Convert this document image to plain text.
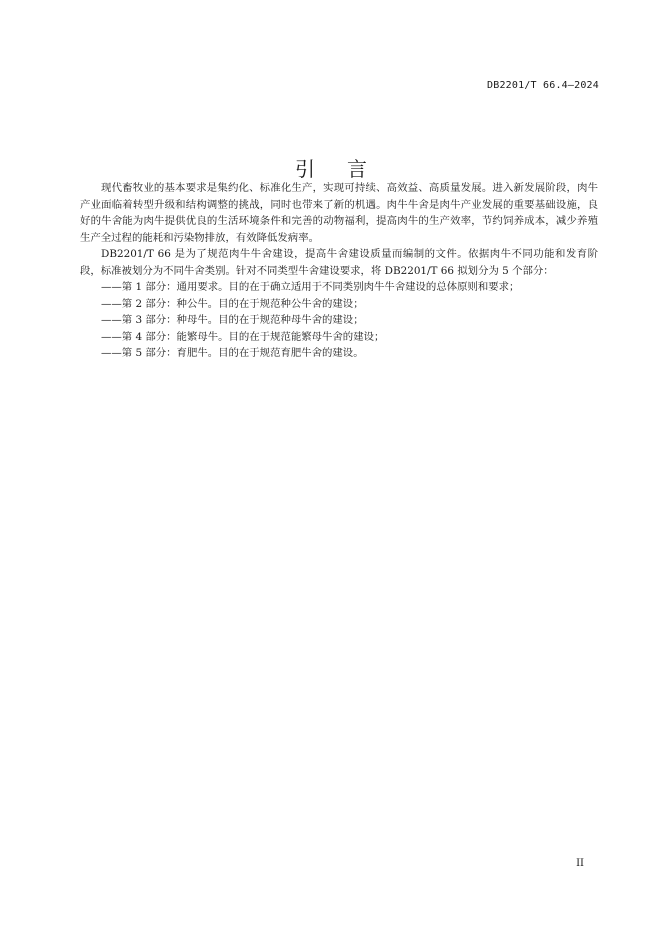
DB2201/T 66.4—2024
引言

现代畜牧业的基本要求是集约化、标准化生产，实现可持续、高效益、高质量发展。进入新发展阶段，肉牛产业面临着转型升级和结构调整的挑战，同时也带来了新的机遇。肉牛牛舍是肉牛产业发展的重要基础设施，良好的牛舍能为肉牛提供优良的生活环境条件和完善的动物福利，提高肉牛的生产效率，节约饲养成本，减少养殖生产全过程的能耗和污染物排放，有效降低发病率。

DB2201/T 66 是为了规范肉牛牛舍建设，提高牛舍建设质量而编制的文件。依据肉牛不同功能和发育阶段，标准被划分为不同牛舍类别。针对不同类型牛舍建设要求，将 DB2201/T 66 拟划分为 5 个部分：

——第 1 部分：通用要求。目的在于确立适用于不同类别肉牛牛舍建设的总体原则和要求；
——第 2 部分：种公牛。目的在于规范种公牛舍的建设；
——第 3 部分：种母牛。目的在于规范种母牛舍的建设；
——第 4 部分：能繁母牛。目的在于规范能繁母牛舍的建设；
——第 5 部分：育肥牛。目的在于规范育肥牛舍的建设。
II
